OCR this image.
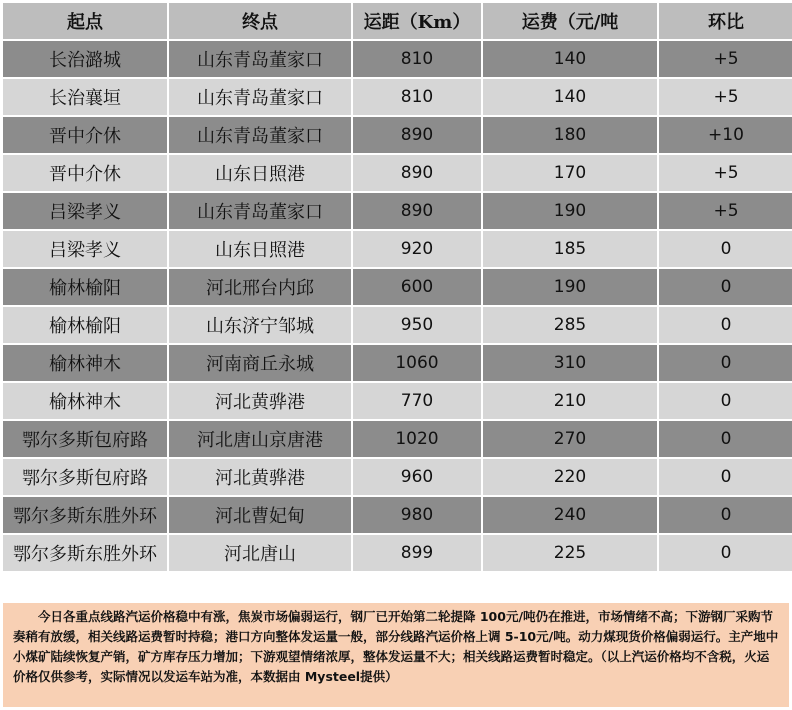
起点	终点	运距（Km）	运费（元/吨	环比
长治潞城	山东青岛董家口	810	140	+5
长治襄垣	山东青岛董家口	810	140	+5
晋中介休	山东青岛董家口	890	180	+10
晋中介休	山东日照港	890	170	+5
吕梁孝义	山东青岛董家口	890	190	+5
吕梁孝义	山东日照港	920	185	0
榆林榆阳	河北邢台内邱	600	190	0
榆林榆阳	山东济宁邹城	950	285	0
榆林神木	河南商丘永城	1060	310	0
榆林神木	河北黄骅港	770	210	0
鄂尔多斯包府路	河北唐山京唐港	1020	270	0
鄂尔多斯包府路	河北黄骅港	960	220	0
鄂尔多斯东胜外环	河北曹妃甸	980	240	0
鄂尔多斯东胜外环	河北唐山	899	225	0
今日各重点线路汽运价格稳中有涨，焦炭市场偏弱运行，钢厂已开始第二轮提降 100元/吨仍在推进，市场情绪不高；下游钢厂采购节奏稍有放缓，相关线路运费暂时持稳；港口方向整体发运量一般，部分线路汽运价格上调 5-10元/吨。动力煤现货价格偏弱运行。主产地中小煤矿陆续恢复产销，矿方库存压力增加；下游观望情绪浓厚，整体发运量不大；相关线路运费暂时稳定。（以上汽运价格均不含税，火运价格仅供参考，实际情况以发运车站为准，本数据由 Mysteel提供）
